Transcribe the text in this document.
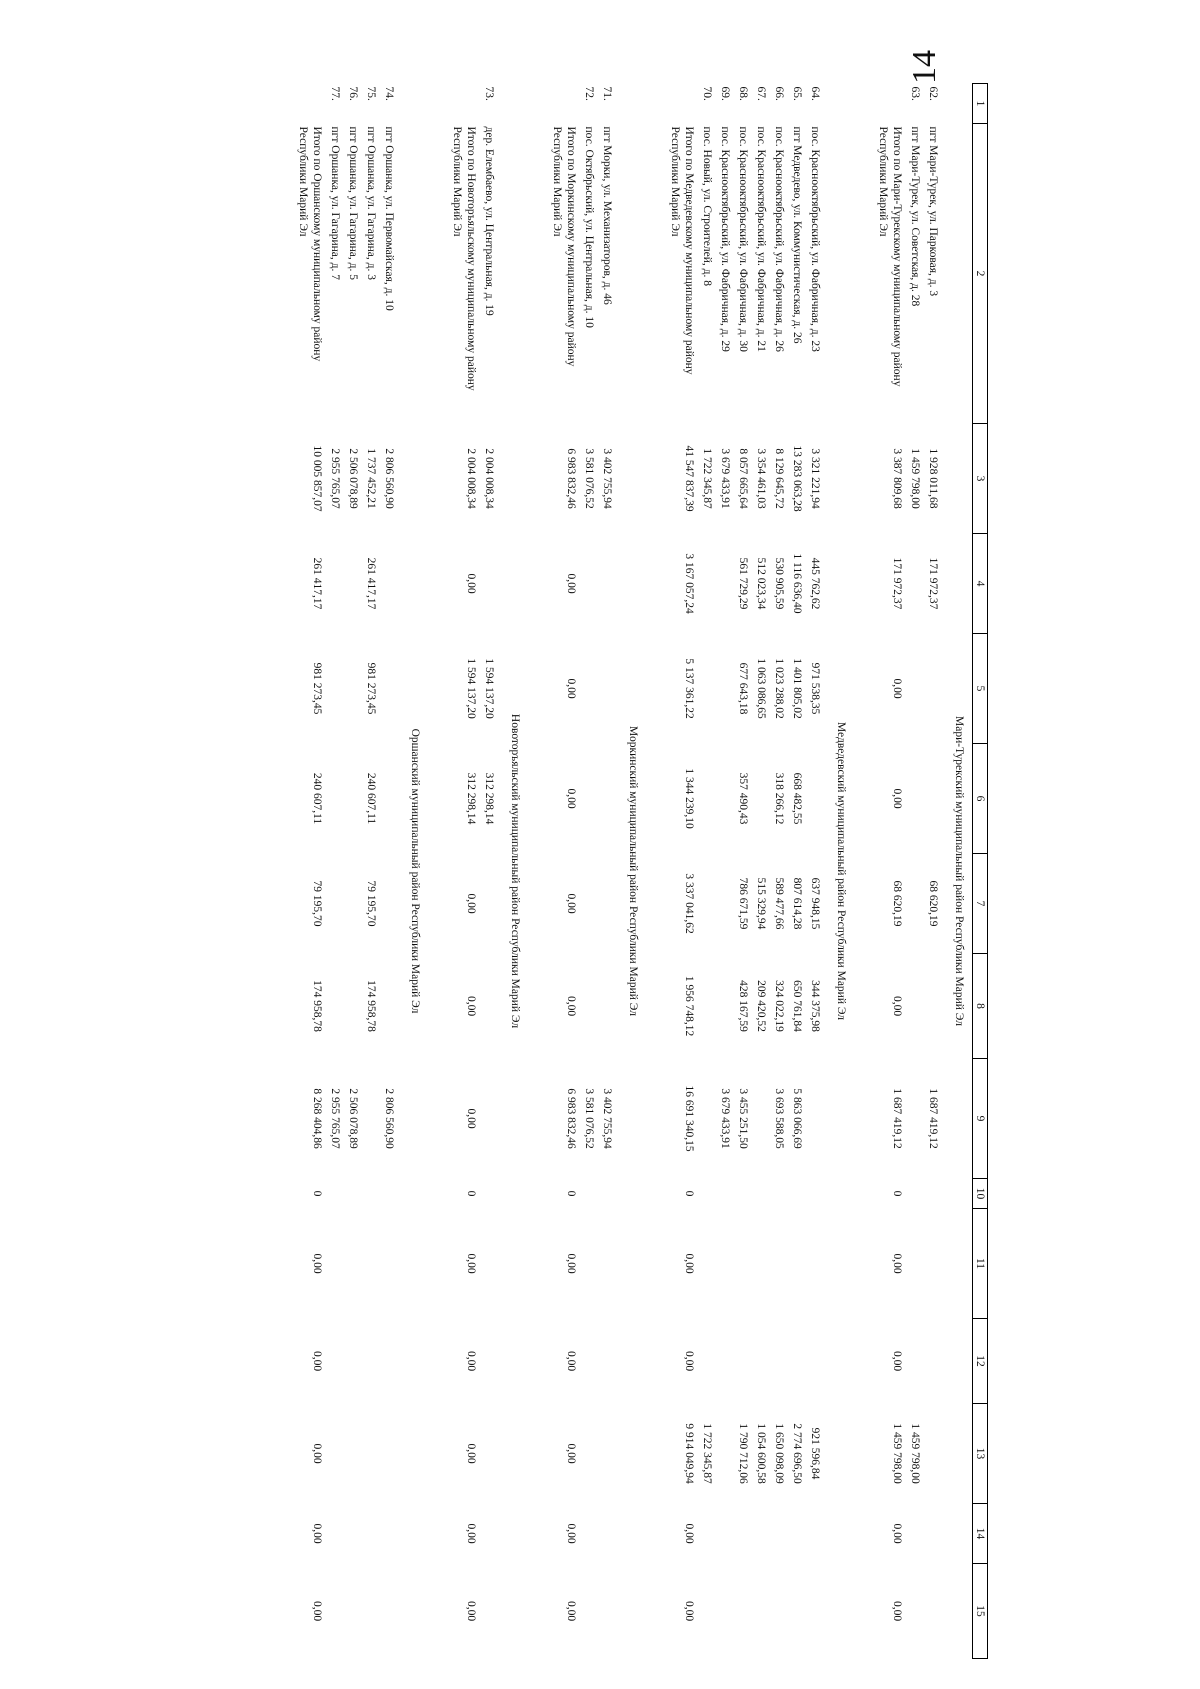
14
1	2	3	4	5	6	7	8	9	10	11	12	13	14	15
Мари-Турекский муниципальный район Республики Марий Эл														
62.	пгт Мари-Турек, ул. Парковая, д. 3	1 928 011,68	171 972,37			68 620,19		1 687 419,12						
63.	пгт Мари-Турек, ул. Советская, д. 28	1 459 798,00										1 459 798,00		
	Итого по Мари-Турекскому муниципальному району Республики Марий Эл	3 387 809,68	171 972,37	0,00	0,00	68 620,19	0,00	1 687 419,12	0	0,00	0,00	1 459 798,00	0,00	0,00

Медведевский муниципальный район Республики Марий Эл														
64.	пос. Краснооктябрьский, ул. Фабричная, д. 23	3 321 221,94	445 762,62	971 538,35		637 948,15	344 375,98					921 596,84		
65.	пгт Медведево, ул. Коммунистическая, д. 26	13 283 063,28	1 116 636,40	1 401 805,02	668 482,55	807 614,28	650 761,84	5 863 066,69				2 774 696,50		
66.	пос. Краснооктябрьский, ул. Фабричная, д. 26	8 129 645,72	530 905,59	1 023 288,02	318 266,12	589 477,66	324 022,19	3 693 588,05				1 650 098,09		
67.	пос. Краснооктябрьский, ул. Фабричная, д. 21	3 354 461,03	512 023,34	1 063 086,65		515 329,94	209 420,52					1 054 600,58		
68.	пос. Краснооктябрьский, ул. Фабричная, д. 30	8 057 665,64	561 729,29	677 643,18	357 490,43	786 671,59	428 167,59	3 455 251,50				1 790 712,06		
69.	пос. Краснооктябрьский, ул. Фабричная, д. 29	3 679 433,91						3 679 433,91						
70.	пос. Новый, ул. Строителей, д. 8	1 722 345,87										1 722 345,87		
	Итого по Медведевскому муниципальному району Республики Марий Эл	41 547 837,39	3 167 057,24	5 137 361,22	1 344 239,10	3 337 041,62	1 956 748,12	16 691 340,15	0	0,00	0,00	9 914 049,94	0,00	0,00

Моркинский муниципальный район Республики Марий Эл														
71.	пгт Морки, ул. Механизаторов, д. 46	3 402 755,94						3 402 755,94						
72.	пос. Октябрьский, ул. Центральная, д. 10	3 581 076,52						3 581 076,52						
	Итого по Моркинскому муниципальному району Республики Марий Эл	6 983 832,46	0,00	0,00	0,00	0,00	0,00	6 983 832,46	0	0,00	0,00	0,00	0,00	0,00

Новоторъяльский муниципальный район Республики Марий Эл														
73.	дер. Елембаево, ул. Центральная, д. 19	2 004 008,34		1 594 137,20	312 298,14									
	Итого по Новоторъяльскому муниципальному району Республики Марий Эл	2 004 008,34	0,00	1 594 137,20	312 298,14	0,00	0,00	0,00	0	0,00	0,00	0,00	0,00	0,00

Оршанский муниципальный район Республики Марий Эл														
74.	пгт Оршанка, ул. Первомайская, д. 10	2 806 560,90						2 806 560,90						
75.	пгт Оршанка, ул. Гагарина, д. 3	1 737 452,21	261 417,17	981 273,45	240 607,11	79 195,70	174 958,78							
76.	пгт Оршанка, ул. Гагарина, д. 5	2 506 078,89						2 506 078,89						
77.	пгт Оршанка, ул. Гагарина, д. 7	2 955 765,07						2 955 765,07						
	Итого по Оршанскому муниципальному району Республики Марий Эл	10 005 857,07	261 417,17	981 273,45	240 607,11	79 195,70	174 958,78	8 268 404,86	0	0,00	0,00	0,00	0,00	0,00
